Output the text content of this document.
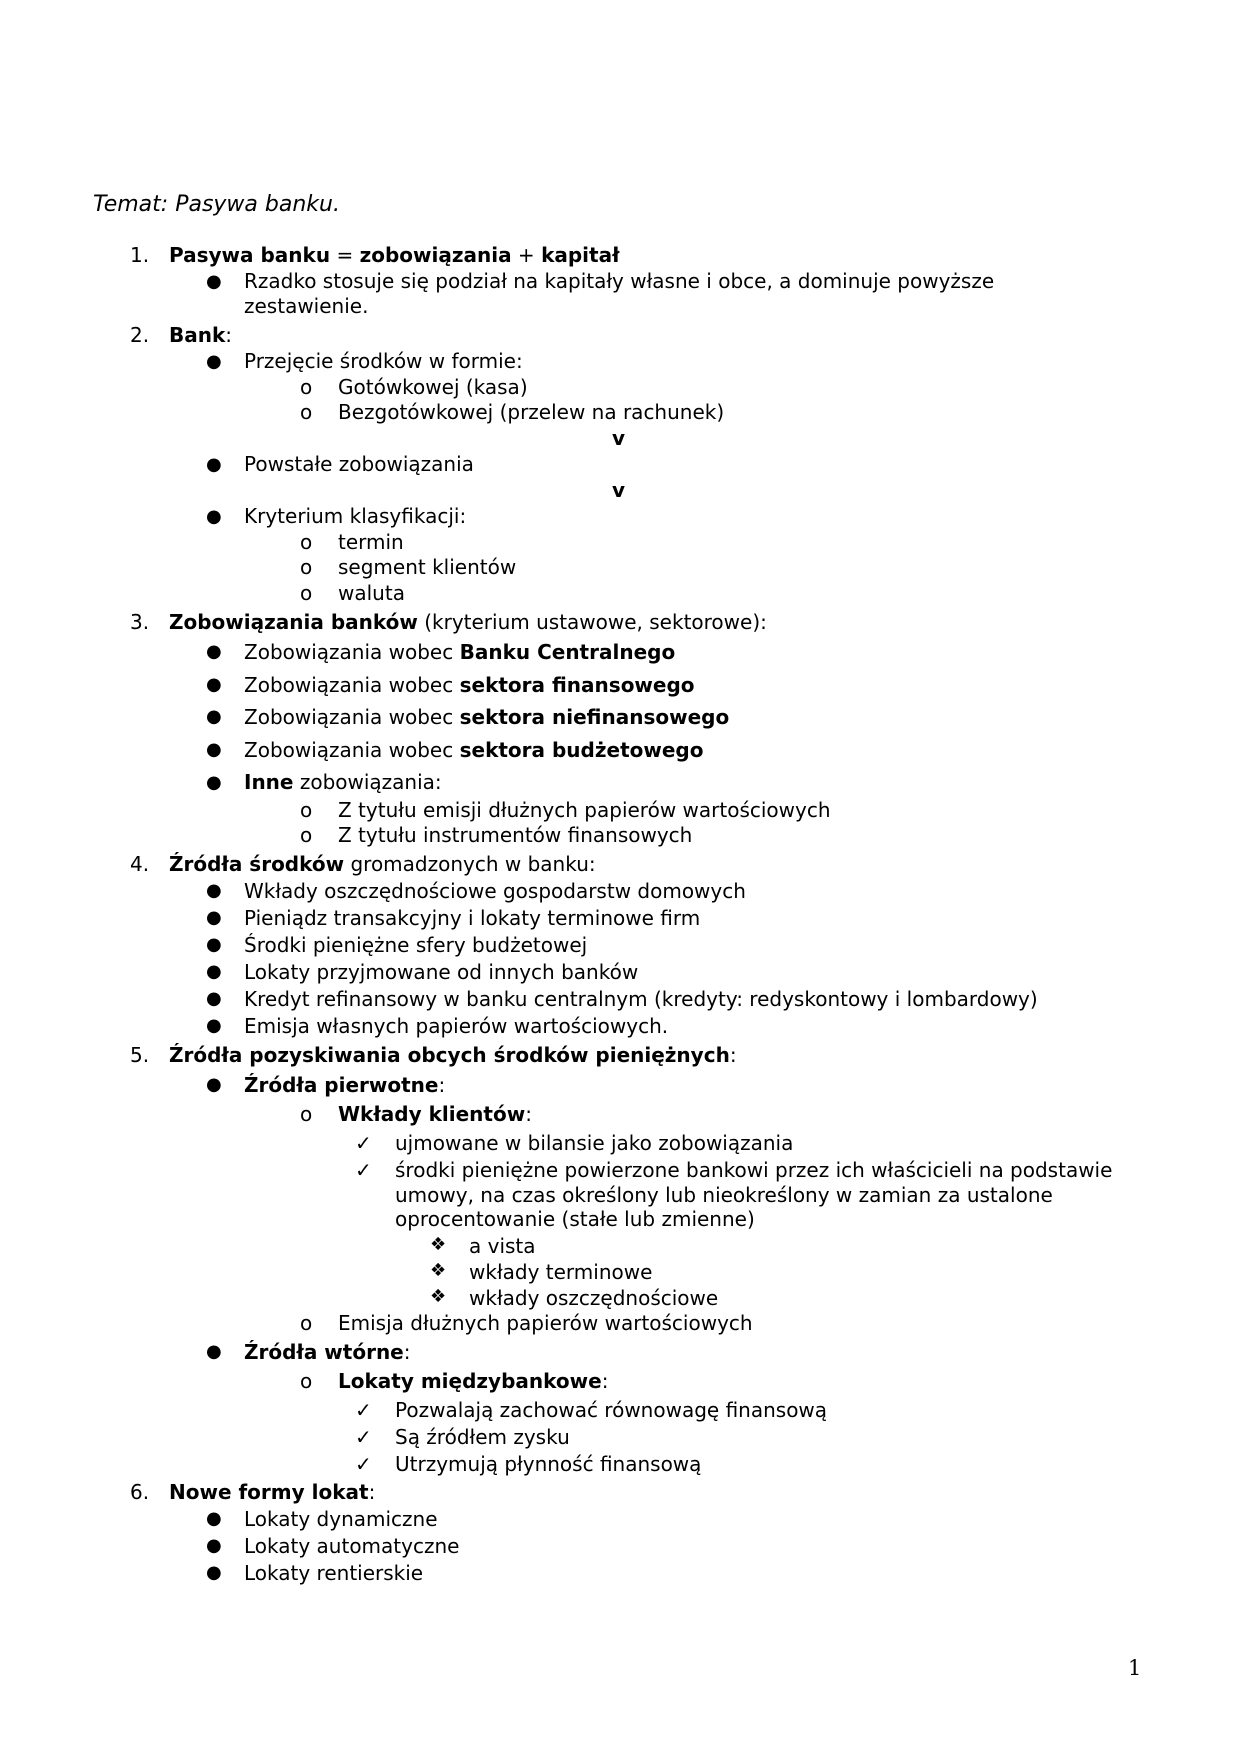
Temat: Pasywa banku.
1. Pasywa banku = zobowiązania + kapitał
● Rzadko stosuje się podział na kapitały własne i obce, a dominuje powyższe
zestawienie.
2. Bank:
● Przejęcie środków w formie:
o Gotówkowej (kasa)
o Bezgotówkowej (przelew na rachunek)
v
● Powstałe zobowiązania
v
● Kryterium klasyfikacji:
o termin
o segment klientów
o waluta
3. Zobowiązania banków (kryterium ustawowe, sektorowe):
● Zobowiązania wobec Banku Centralnego
● Zobowiązania wobec sektora finansowego
● Zobowiązania wobec sektora niefinansowego
● Zobowiązania wobec sektora budżetowego
● Inne zobowiązania:
o Z tytułu emisji dłużnych papierów wartościowych
o Z tytułu instrumentów finansowych
4. Źródła środków gromadzonych w banku:
● Wkłady oszczędnościowe gospodarstw domowych
● Pieniądz transakcyjny i lokaty terminowe firm
● Środki pieniężne sfery budżetowej
● Lokaty przyjmowane od innych banków
● Kredyt refinansowy w banku centralnym (kredyty: redyskontowy i lombardowy)
● Emisja własnych papierów wartościowych.
5. Źródła pozyskiwania obcych środków pieniężnych:
● Źródła pierwotne:
o Wkłady klientów:
✓ ujmowane w bilansie jako zobowiązania
✓ środki pieniężne powierzone bankowi przez ich właścicieli na podstawie
umowy, na czas określony lub nieokreślony w zamian za ustalone
oprocentowanie (stałe lub zmienne)
❖ a vista
❖ wkłady terminowe
❖ wkłady oszczędnościowe
o Emisja dłużnych papierów wartościowych
● Źródła wtórne:
o Lokaty międzybankowe:
✓ Pozwalają zachować równowagę finansową
✓ Są źródłem zysku
✓ Utrzymują płynność finansową
6. Nowe formy lokat:
● Lokaty dynamiczne
● Lokaty automatyczne
● Lokaty rentierskie
1
